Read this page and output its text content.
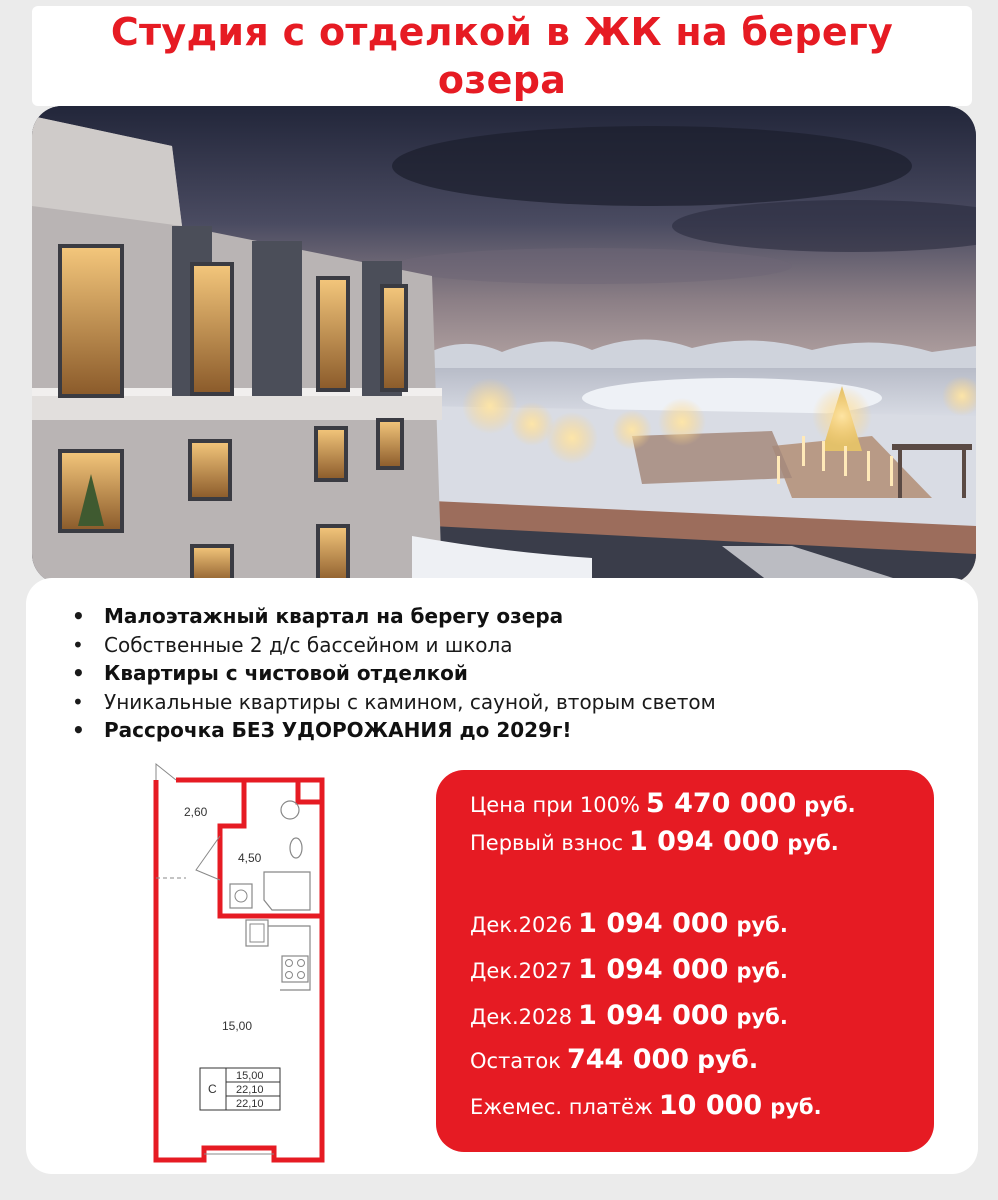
Студия с отделкой в ЖК на берегу озера
• Малоэтажный квартал на берегу озера
• Собственные 2 д/с бассейном и школа
• Квартиры с чистовой отделкой
• Уникальные квартиры с камином, сауной, вторым светом
• Рассрочка БЕЗ УДОРОЖАНИЯ до 2029г!
2,60
4,50
15,00
С
15,00
22,10
22,10
Цена при 100% 5 470 000 руб.
Первый взнос 1 094 000 руб.
Дек.2026 1 094 000 руб.
Дек.2027 1 094 000 руб.
Дек.2028 1 094 000 руб.
Остаток 744 000 руб.
Ежемес. платёж 10 000 руб.
